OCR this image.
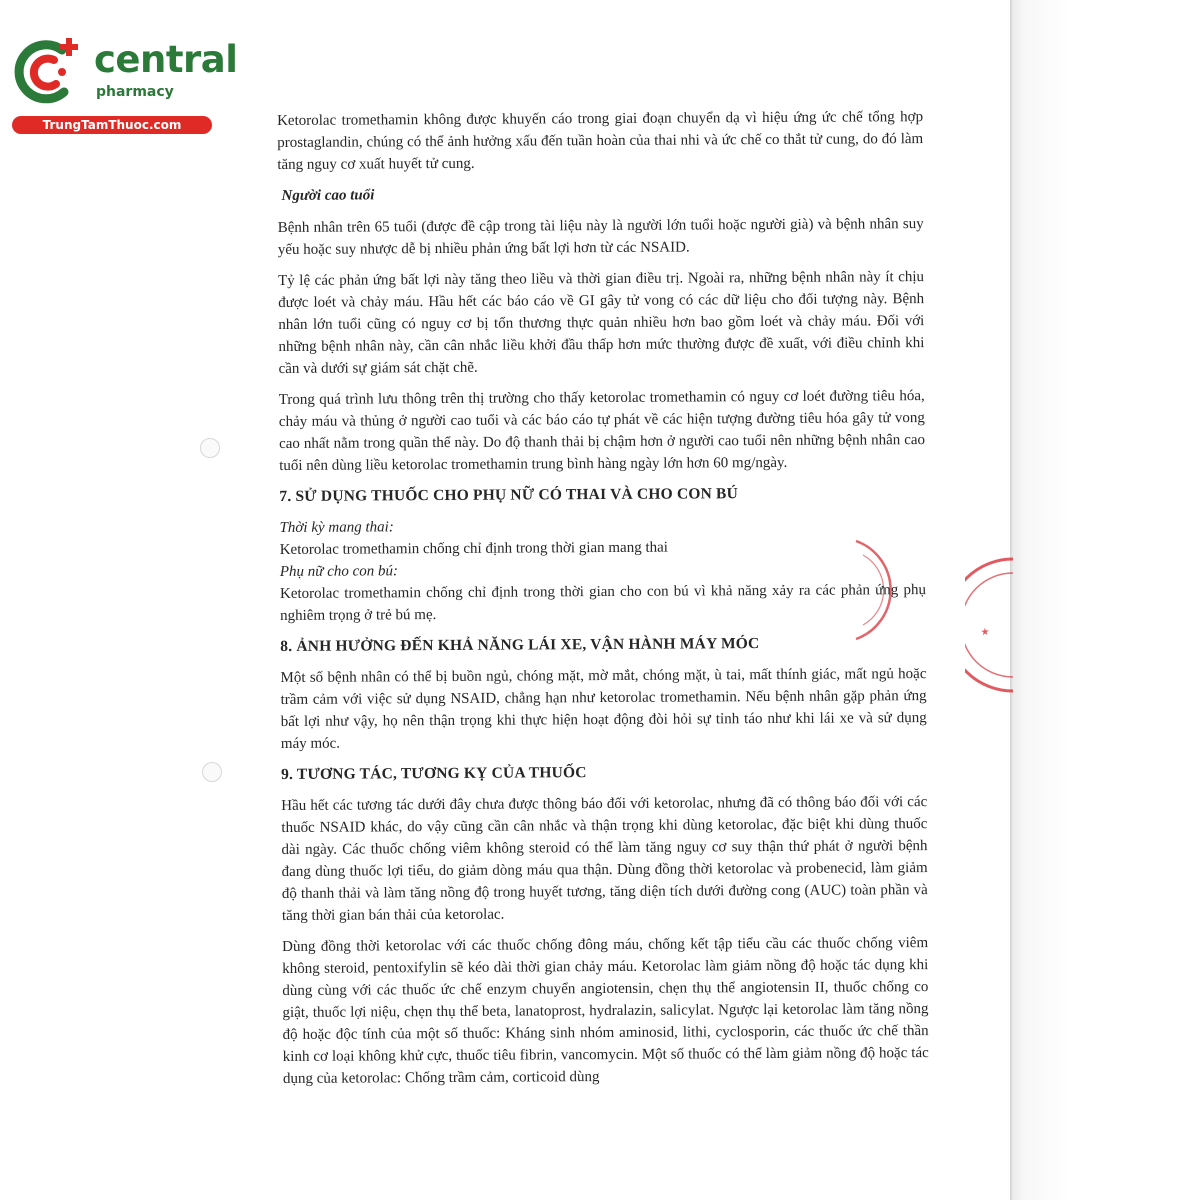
central
pharmacy
TrungTamThuoc.com
★

Ketorolac tromethamin không được khuyến cáo trong giai đoạn chuyển dạ vì hiệu ứng ức chế tổng hợp prostaglandin, chúng có thể ảnh hưởng xấu đến tuần hoàn của thai nhi và ức chế co thắt tử cung, do đó làm tăng nguy cơ xuất huyết tử cung.

Người cao tuổi

Bệnh nhân trên 65 tuổi (được đề cập trong tài liệu này là người lớn tuổi hoặc người già) và bệnh nhân suy yếu hoặc suy nhược dễ bị nhiều phản ứng bất lợi hơn từ các NSAID.

Tỷ lệ các phản ứng bất lợi này tăng theo liều và thời gian điều trị. Ngoài ra, những bệnh nhân này ít chịu được loét và chảy máu. Hầu hết các báo cáo về GI gây tử vong có các dữ liệu cho đối tượng này. Bệnh nhân lớn tuổi cũng có nguy cơ bị tổn thương thực quản nhiều hơn bao gồm loét và chảy máu. Đối với những bệnh nhân này, cần cân nhắc liều khởi đầu thấp hơn mức thường được đề xuất, với điều chỉnh khi cần và dưới sự giám sát chặt chẽ.

Trong quá trình lưu thông trên thị trường cho thấy ketorolac tromethamin có nguy cơ loét đường tiêu hóa, chảy máu và thủng ở người cao tuổi và các báo cáo tự phát về các hiện tượng đường tiêu hóa gây tử vong cao nhất nằm trong quần thể này. Do độ thanh thải bị chậm hơn ở người cao tuổi nên những bệnh nhân cao tuổi nên dùng liều ketorolac tromethamin trung bình hàng ngày lớn hơn 60 mg/ngày.

7. SỬ DỤNG THUỐC CHO PHỤ NỮ CÓ THAI VÀ CHO CON BÚ

Thời kỳ mang thai:

Ketorolac tromethamin chống chỉ định trong thời gian mang thai

Phụ nữ cho con bú:

Ketorolac tromethamin chống chỉ định trong thời gian cho con bú vì khả năng xảy ra các phản ứng phụ nghiêm trọng ở trẻ bú mẹ.

8. ẢNH HƯỞNG ĐẾN KHẢ NĂNG LÁI XE, VẬN HÀNH MÁY MÓC

Một số bệnh nhân có thể bị buồn ngủ, chóng mặt, mờ mắt, chóng mặt, ù tai, mất thính giác, mất ngủ hoặc trầm cảm với việc sử dụng NSAID, chẳng hạn như ketorolac tromethamin. Nếu bệnh nhân gặp phản ứng bất lợi như vậy, họ nên thận trọng khi thực hiện hoạt động đòi hỏi sự tỉnh táo như khi lái xe và sử dụng máy móc.

9. TƯƠNG TÁC, TƯƠNG KỴ CỦA THUỐC

Hầu hết các tương tác dưới đây chưa được thông báo đối với ketorolac, nhưng đã có thông báo đối với các thuốc NSAID khác, do vậy cũng cần cân nhắc và thận trọng khi dùng ketorolac, đặc biệt khi dùng thuốc dài ngày. Các thuốc chống viêm không steroid có thể làm tăng nguy cơ suy thận thứ phát ở người bệnh đang dùng thuốc lợi tiểu, do giảm dòng máu qua thận. Dùng đồng thời ketorolac và probenecid, làm giảm độ thanh thải và làm tăng nồng độ trong huyết tương, tăng diện tích dưới đường cong (AUC) toàn phần và tăng thời gian bán thải của ketorolac.

Dùng đồng thời ketorolac với các thuốc chống đông máu, chống kết tập tiểu cầu các thuốc chống viêm không steroid, pentoxifylin sẽ kéo dài thời gian chảy máu. Ketorolac làm giảm nồng độ hoặc tác dụng khi dùng cùng với các thuốc ức chế enzym chuyển angiotensin, chẹn thụ thể angiotensin II, thuốc chống co giật, thuốc lợi niệu, chẹn thụ thể beta, lanatoprost, hydralazin, salicylat. Ngược lại ketorolac làm tăng nồng độ hoặc độc tính của một số thuốc: Kháng sinh nhóm aminosid, lithi, cyclosporin, các thuốc ức chế thần kinh cơ loại không khử cực, thuốc tiêu fibrin, vancomycin. Một số thuốc có thể làm giảm nồng độ hoặc tác dụng của ketorolac: Chống trầm cảm, corticoid dùng
